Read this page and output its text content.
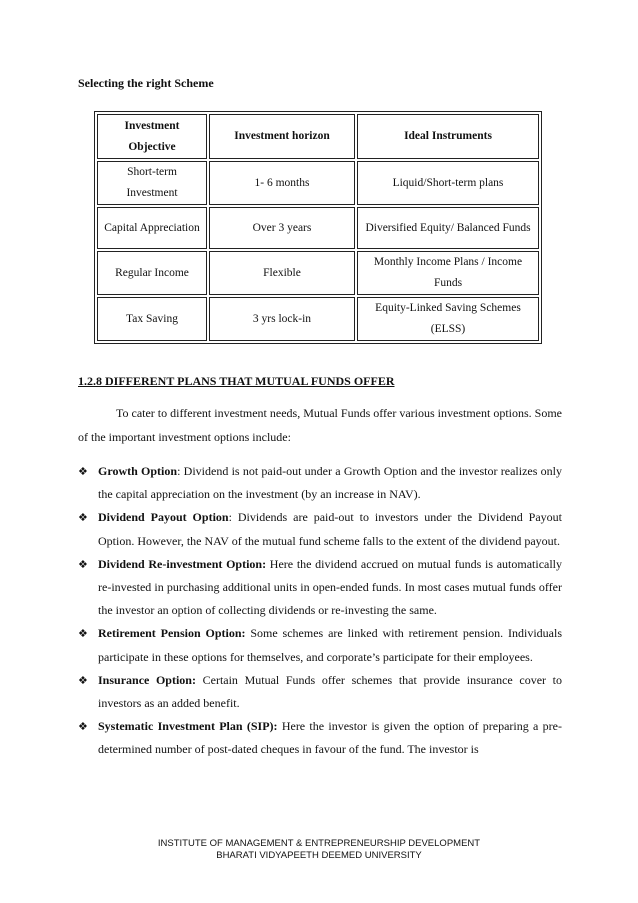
Selecting the right Scheme
Investment Objective	Investment horizon	Ideal Instruments
Short-term Investment	1- 6 months	Liquid/Short-term plans
Capital Appreciation	Over 3 years	Diversified Equity/ Balanced Funds
Regular Income	Flexible	Monthly Income Plans / Income Funds
Tax Saving	3 yrs lock-in	Equity-Linked Saving Schemes (ELSS)
1.2.8 DIFFERENT PLANS THAT MUTUAL FUNDS OFFER

To cater to different investment needs, Mutual Funds offer various investment options. Some of the important investment options include:

❖ Growth Option: Dividend is not paid-out under a Growth Option and the investor realizes only the capital appreciation on the investment (by an increase in NAV).
❖ Dividend Payout Option: Dividends are paid-out to investors under the Dividend Payout Option. However, the NAV of the mutual fund scheme falls to the extent of the dividend payout.
❖ Dividend Re-investment Option: Here the dividend accrued on mutual funds is automatically re-invested in purchasing additional units in open-ended funds. In most cases mutual funds offer the investor an option of collecting dividends or re-investing the same.
❖ Retirement Pension Option: Some schemes are linked with retirement pension. Individuals participate in these options for themselves, and corporate’s participate for their employees.
❖ Insurance Option: Certain Mutual Funds offer schemes that provide insurance cover to investors as an added benefit.
❖ Systematic Investment Plan (SIP): Here the investor is given the option of preparing a pre-determined number of post-dated cheques in favour of the fund. The investor is
INSTITUTE OF MANAGEMENT & ENTREPRENEURSHIP DEVELOPMENT
BHARATI VIDYAPEETH DEEMED UNIVERSITY
